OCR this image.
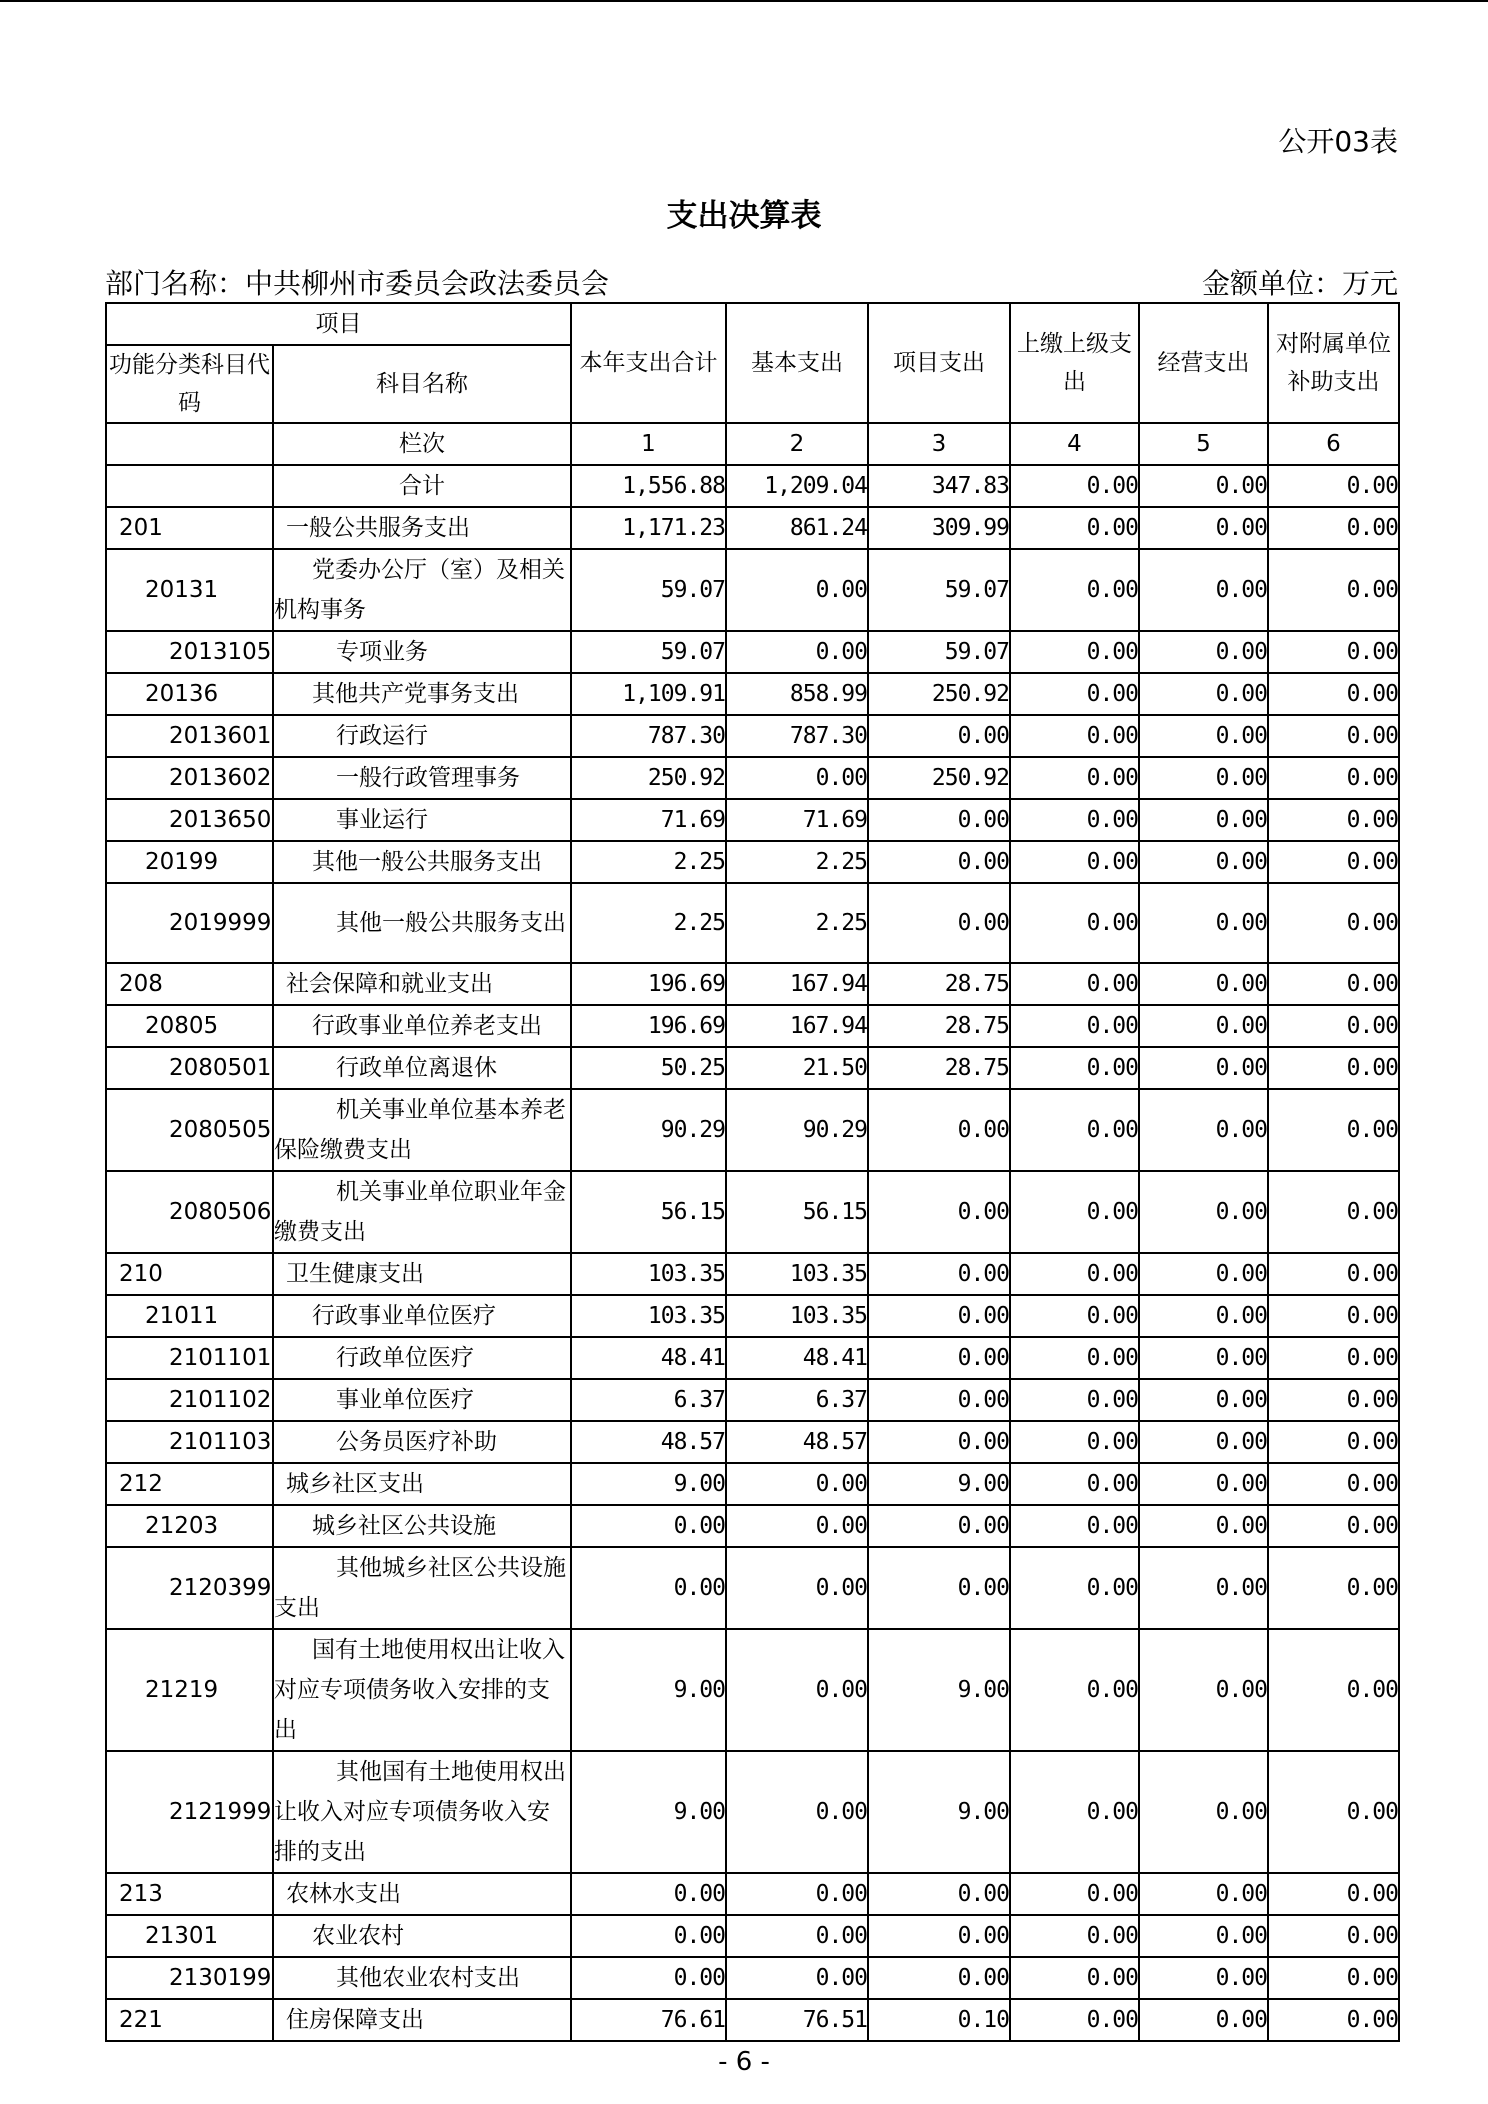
公开03表
支出决算表
部门名称：中共柳州市委员会政法委员会	金额单位：万元
项目		本年支出合计	基本支出	项目支出	上缴上级支出	经营支出	对附属单位补助支出
功能分类科目代码	科目名称						
	栏次	1	2	3	4	5	6
	合计	1,556.88	1,209.04	347.83	0.00	0.00	0.00
201	一般公共服务支出	1,171.23	861.24	309.99	0.00	0.00	0.00
20131	党委办公厅（室）及相关机构事务	59.07	0.00	59.07	0.00	0.00	0.00
2013105	专项业务	59.07	0.00	59.07	0.00	0.00	0.00
20136	其他共产党事务支出	1,109.91	858.99	250.92	0.00	0.00	0.00
2013601	行政运行	787.30	787.30	0.00	0.00	0.00	0.00
2013602	一般行政管理事务	250.92	0.00	250.92	0.00	0.00	0.00
2013650	事业运行	71.69	71.69	0.00	0.00	0.00	0.00
20199	其他一般公共服务支出	2.25	2.25	0.00	0.00	0.00	0.00
2019999	其他一般公共服务支出	2.25	2.25	0.00	0.00	0.00	0.00
208	社会保障和就业支出	196.69	167.94	28.75	0.00	0.00	0.00
20805	行政事业单位养老支出	196.69	167.94	28.75	0.00	0.00	0.00
2080501	行政单位离退休	50.25	21.50	28.75	0.00	0.00	0.00
2080505	机关事业单位基本养老保险缴费支出	90.29	90.29	0.00	0.00	0.00	0.00
2080506	机关事业单位职业年金缴费支出	56.15	56.15	0.00	0.00	0.00	0.00
210	卫生健康支出	103.35	103.35	0.00	0.00	0.00	0.00
21011	行政事业单位医疗	103.35	103.35	0.00	0.00	0.00	0.00
2101101	行政单位医疗	48.41	48.41	0.00	0.00	0.00	0.00
2101102	事业单位医疗	6.37	6.37	0.00	0.00	0.00	0.00
2101103	公务员医疗补助	48.57	48.57	0.00	0.00	0.00	0.00
212	城乡社区支出	9.00	0.00	9.00	0.00	0.00	0.00
21203	城乡社区公共设施	0.00	0.00	0.00	0.00	0.00	0.00
2120399	其他城乡社区公共设施支出	0.00	0.00	0.00	0.00	0.00	0.00
21219	国有土地使用权出让收入对应专项债务收入安排的支出	9.00	0.00	9.00	0.00	0.00	0.00
2121999	其他国有土地使用权出让收入对应专项债务收入安排的支出	9.00	0.00	9.00	0.00	0.00	0.00
213	农林水支出	0.00	0.00	0.00	0.00	0.00	0.00
21301	农业农村	0.00	0.00	0.00	0.00	0.00	0.00
2130199	其他农业农村支出	0.00	0.00	0.00	0.00	0.00	0.00
221	住房保障支出	76.61	76.51	0.10	0.00	0.00	0.00
- 6 -
